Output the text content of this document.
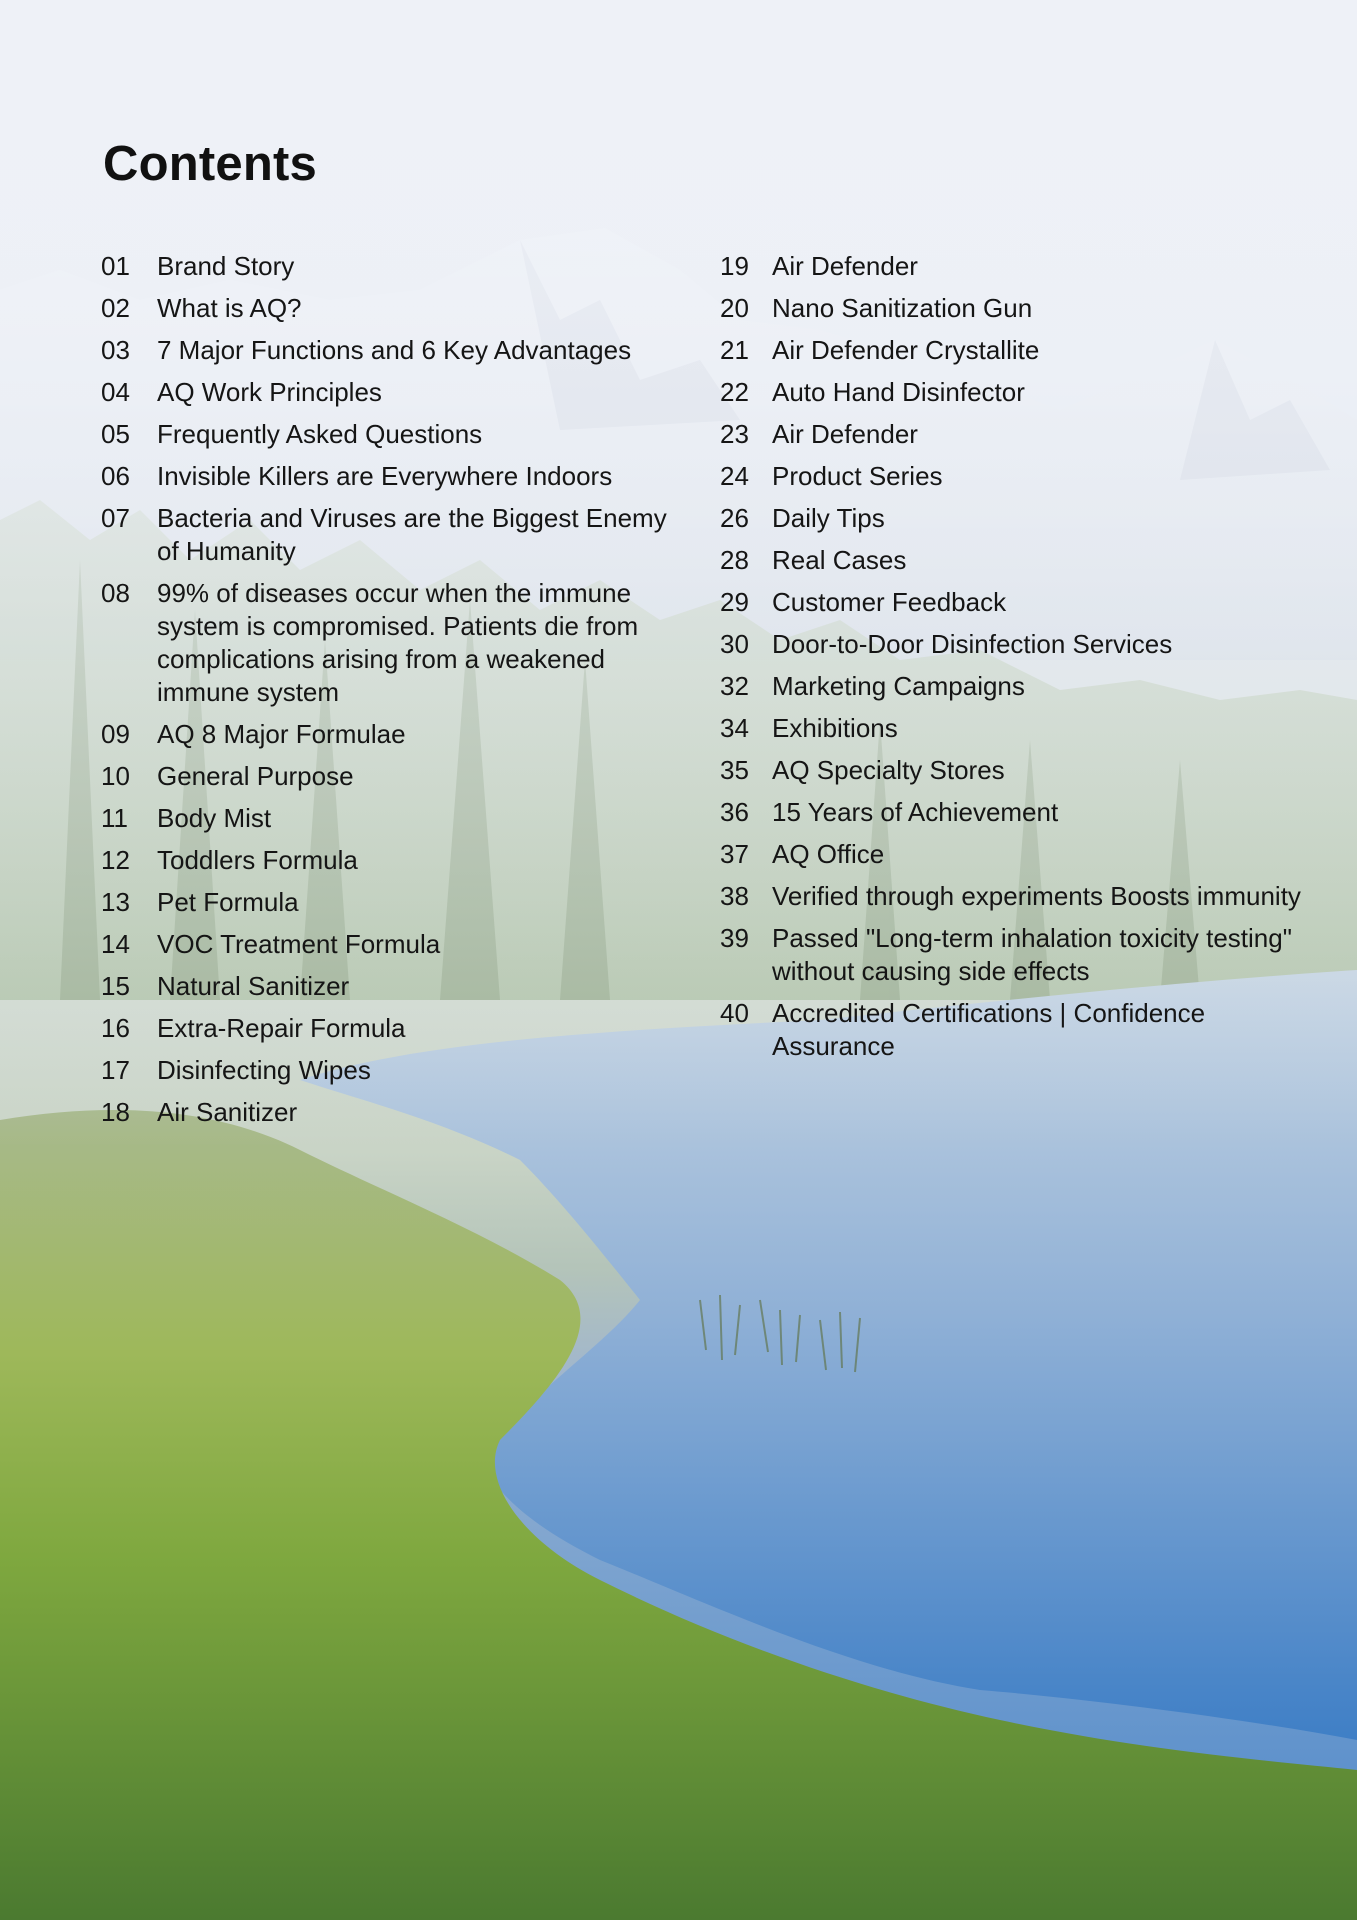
Contents
01	Brand Story
02	What is AQ?
03	7 Major Functions and 6 Key Advantages
04	AQ Work Principles
05	Frequently Asked Questions
06	Invisible Killers are Everywhere Indoors
07	Bacteria and Viruses are the Biggest Enemy of Humanity
08	99% of diseases occur when the immune system is compromised. Patients die from complications arising from a weakened immune system
09	AQ 8 Major Formulae
10	General Purpose
11	Body Mist
12	Toddlers Formula
13	Pet Formula
14	VOC Treatment Formula
15	Natural Sanitizer
16	Extra-Repair Formula
17	Disinfecting Wipes
18	Air Sanitizer
19 Air Defender
20 Nano Sanitization Gun
21 Air Defender Crystallite
22 Auto Hand Disinfector
23 Air Defender
24 Product Series
26 Daily Tips
28 Real Cases
29 Customer Feedback
30 Door-to-Door Disinfection Services
32 Marketing Campaigns
34 Exhibitions
35 AQ Specialty Stores
36 15 Years of Achievement
37 AQ Office
38 Verified through experiments Boosts immunity
39 Passed "Long-term inhalation toxicity testing" without causing side effects
40 Accredited Certifications | Confidence Assurance
